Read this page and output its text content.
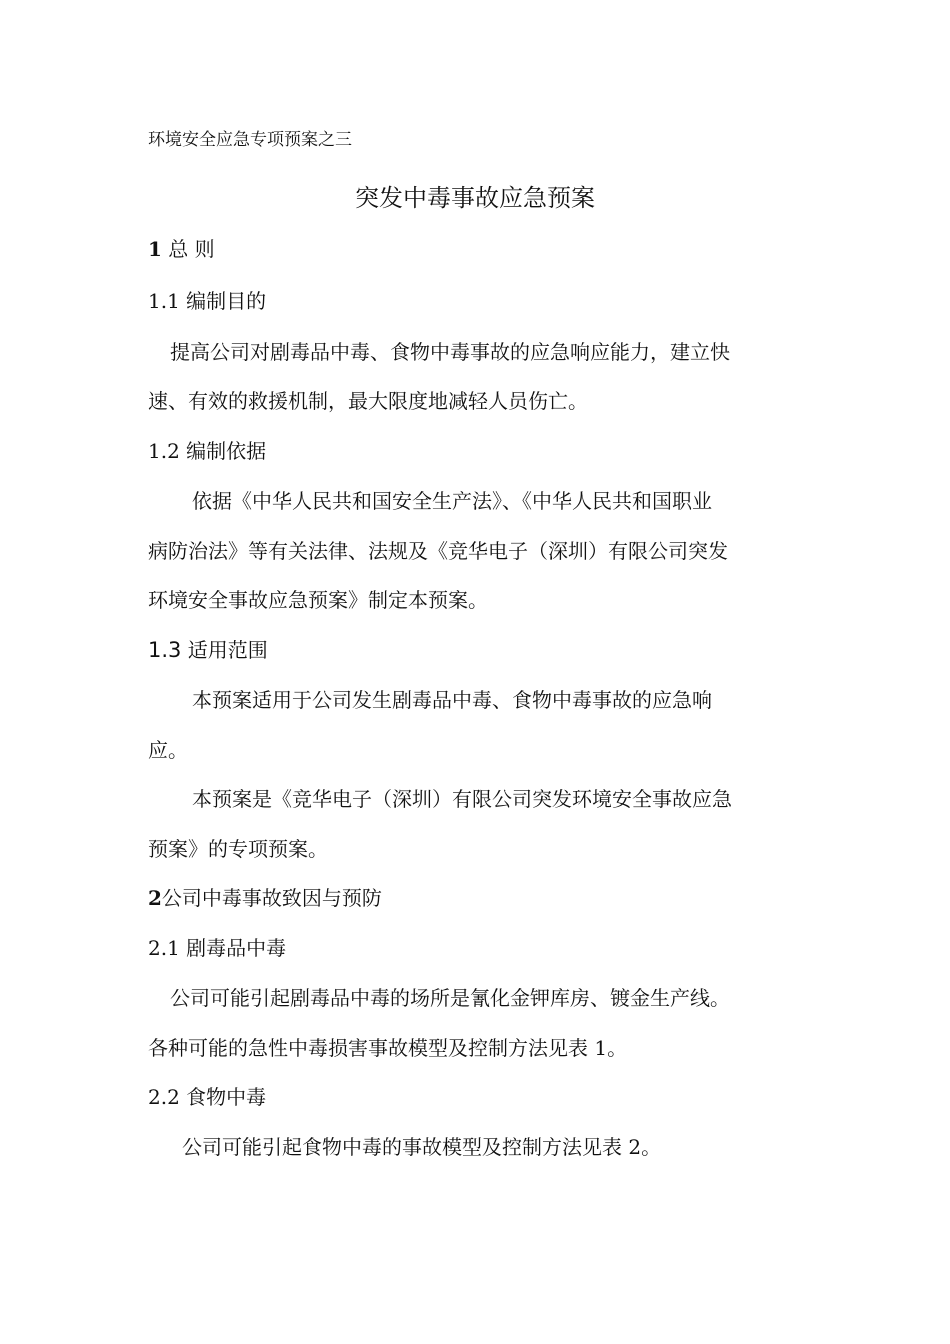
环境安全应急专项预案之三
突发中毒事故应急预案
1 总 则
1.1 编制目的
提高公司对剧毒品中毒、食物中毒事故的应急响应能力，建立快
速、有效的救援机制，最大限度地减轻人员伤亡。
1.2 编制依据
依据《中华人民共和国安全生产法》、《中华人民共和国职业
病防治法》等有关法律、法规及《竞华电子（深圳）有限公司突发
环境安全事故应急预案》制定本预案。
1.3 适用范围
本预案适用于公司发生剧毒品中毒、食物中毒事故的应急响
应。
本预案是《竞华电子（深圳）有限公司突发环境安全事故应急
预案》的专项预案。
2公司中毒事故致因与预防
2.1 剧毒品中毒
公司可能引起剧毒品中毒的场所是氰化金钾库房、镀金生产线。
各种可能的急性中毒损害事故模型及控制方法见表 1。
2.2 食物中毒
公司可能引起食物中毒的事故模型及控制方法见表 2。
